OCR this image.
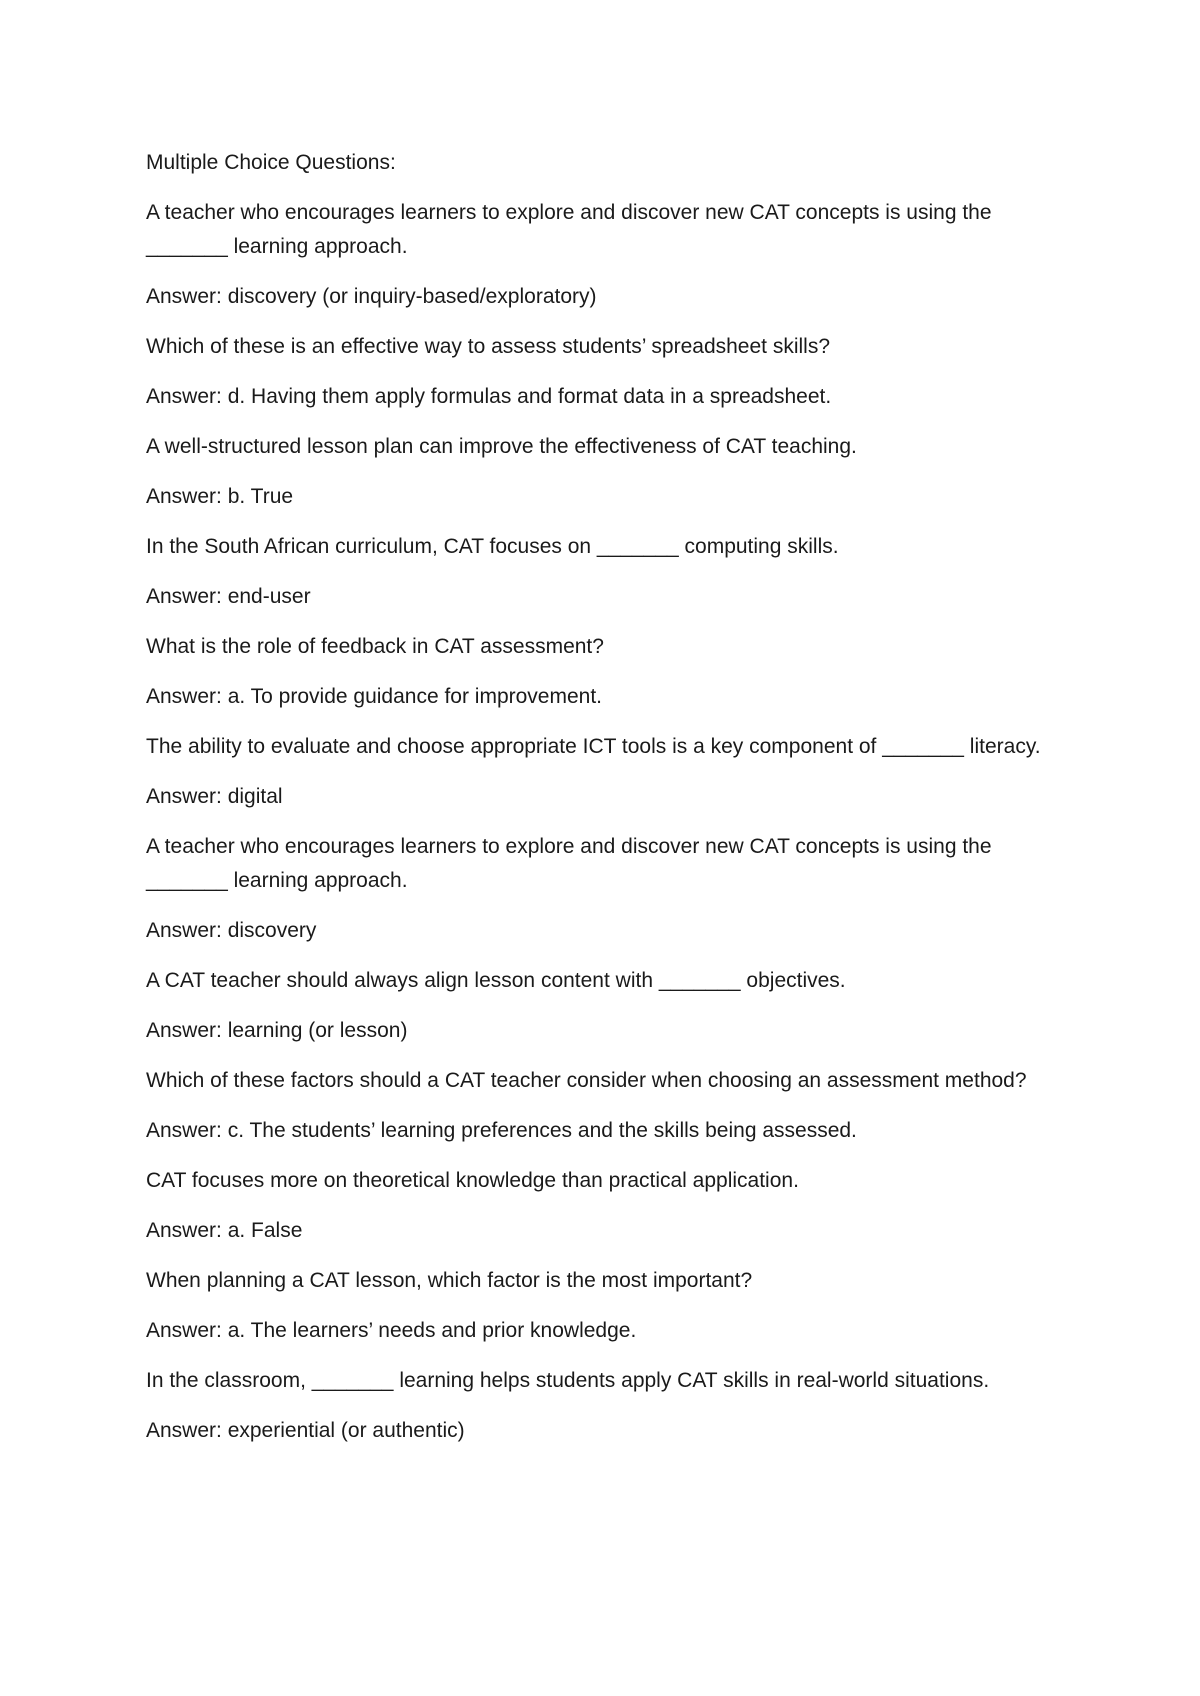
Multiple Choice Questions:

A teacher who encourages learners to explore and discover new CAT concepts is using the _______ learning approach.

Answer: discovery (or inquiry-based/exploratory)

Which of these is an effective way to assess students’ spreadsheet skills?

Answer: d. Having them apply formulas and format data in a spreadsheet.

A well-structured lesson plan can improve the effectiveness of CAT teaching.

Answer: b. True

In the South African curriculum, CAT focuses on _______ computing skills.

Answer: end-user

What is the role of feedback in CAT assessment?

Answer: a. To provide guidance for improvement.

The ability to evaluate and choose appropriate ICT tools is a key component of _______ literacy.

Answer: digital

A teacher who encourages learners to explore and discover new CAT concepts is using the _______ learning approach.

Answer: discovery

A CAT teacher should always align lesson content with _______ objectives.

Answer: learning (or lesson)

Which of these factors should a CAT teacher consider when choosing an assessment method?

Answer: c. The students’ learning preferences and the skills being assessed.

CAT focuses more on theoretical knowledge than practical application.

Answer: a. False

When planning a CAT lesson, which factor is the most important?

Answer: a. The learners’ needs and prior knowledge.

In the classroom, _______ learning helps students apply CAT skills in real-world situations.

Answer: experiential (or authentic)
